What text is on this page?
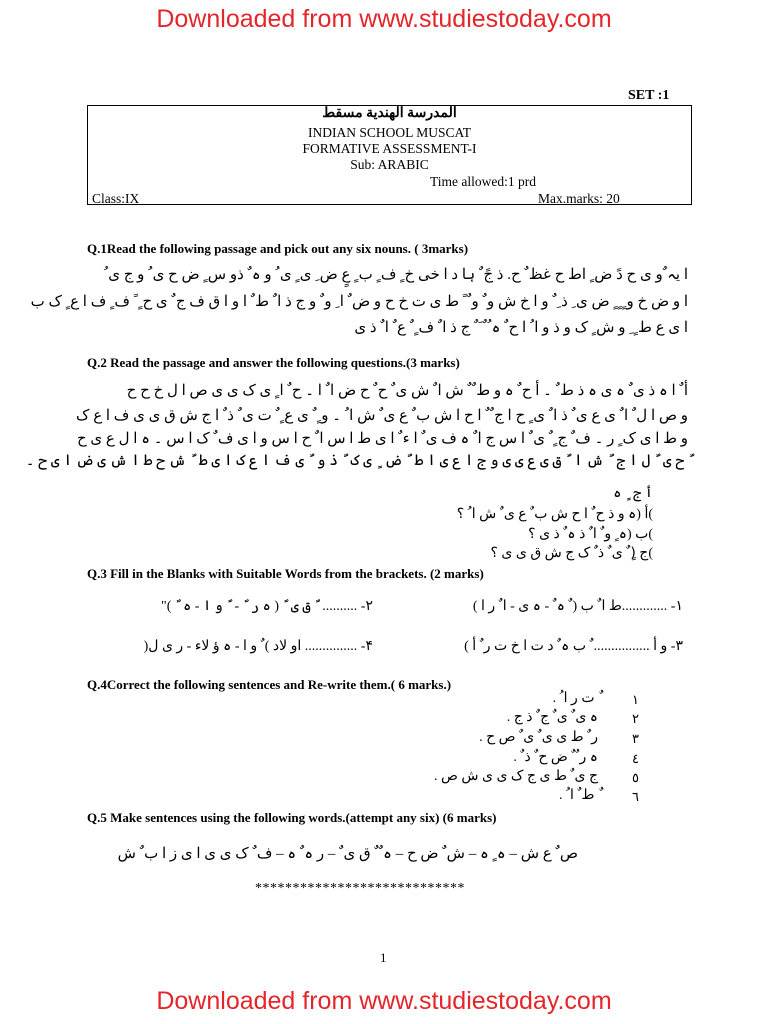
Downloaded from www.studiestoday.com
SET :1
المدرسة الهندية مسقط
INDIAN SCHOOL MUSCAT
FORMATIVE ASSESSMENT-I
Sub: ARABIC
Time allowed:1 prd
Class:IX	Max.marks: 20
Q.1Read the following passage and pick out any six nouns. ( 3marks)
ا یہ ٌو ی ح دً ض ٍ اط ح غظ ٌ ح. ذ جً ٌ ہا د ا خی خ ٍ ف ٍ ب ٍ عٍ ض ِ ی ٍ ی ُ و ہ ٌ ذو س ٍ ض ح ی ُ و ج ی ُ
ا و ض خ و ٍ ٍ ٍ ض ی ِ ذ ِ ٌ و ا خ ش و ٌ و ٌ ً ط ی ت خ ح و ض ٌ ا ِ و ٌ و ج ذ ا ٌ ط ٌ ا و ا ق ف ج ٌ ی ح ٍ ً ف ٍ ف ا ع ٍ ک ب
ا ی ع ط ٍ ِ و ش ٍ ک و ذ و ا ُ ا ح ٌ ہ ُ ٌ َ ٌ ج ذ ا ٌ ف ٍ ٌ ع ٌ ا ٌ ذ ی
Q.2 Read the passage and answer the following questions.(3 marks)
أ ٌ ا ہ ذ ی ٌ ہ ی ہ ذ ط ٌ ۔ أ ح ٌ ہ و ط ٌ ٌ ش ا ٌ ش ی ٌ ح ٌ ح ض ا ٌ ا ۔ ح ٌ ا ٍ ی ک ی ی ص ا ل خ ح ح
و ص ا ل ٌ ا ٌ ی ع ی ٌ ذ ا ٌ ی ٍ ح ا ج ٌ ٌ ا ح ا ش ب ٌ ع ی ٌ ش ا ُ ۔ و ٍ ٌ ی ع ٍ ٌ ت ی ٌ ذ ٌ ا ج ش ق ی ی ف ا ع ک
و ط ا ی ک ٍ ر ۔ ف ٌ ج ٍ ٌ ی ٌ ا س ج ا ٌ ہ ف ی ٌ ا ء ٌ ا ی ط ا س ا ٌ ح ا س و ا ی ف ٌ ک ا س ۔ ہ ا ل ع ی ح
ٌ ح ی ٌ ل ا ج ٌ ش ا ٌ ق ی ع ی ی و ج ا ع ی ا ط ٌ ض ٍ ی ک ٌ ذ و ٌ ی ف ا ع ک ا ی ط ٌ ش ح ط ا ش ی ض ا ی ح ۔
أ ج ٍ ہ
)أ (ہ و ذ ح ٌ ا ح ش ب ٌ ع ی ٌ ش ا ُ ؟
)ب (ہ ٍ و ٌ ا ٌ ذ ہ ٌ ذ ی ؟
)ج (ٍ ٌ ی ٌ ذ ٌ ک ج ش ق ی ی ؟
Q.3 Fill in the Blanks with Suitable Words from the brackets. (2 marks)
۱- .............ط ا ٌ ب ( ٌ ہ ٌ - ہ ی - ا ٌ ر ا )
۲- .......... ٌ ق ی ٌ ( ہ ر ٌ - ٌ و ا - ہ ٌ )"
۳- و أ ................ ٌ ب ہ ٌ د ت ا خ ت ر ٌ أ )
۴- ............... او لاد ) ٌ و ا - ہ ؤ لاء - ر ی ل(
Q.4Correct the following sentences and Re-write them.( 6 marks.)
١
ٌ ت ر ا ُ .
٢
ہ ی ٌ ی ٌ ج ٌ ذ ج .
٣
ر ٌ ط ی ی ٌ ی ٌ ص ح .
٤
ہ ر ٌ ٌ ض ح ٌ ذ ٌ .
٥
ج ی ٌ ط ی ج ک ی ی ش ص .
٦
ٌ ط ٌ ا ُ .
Q.5 Make sentences using the following words.(attempt any six) (6 marks)
ص ٌ ع ش – ہ ٍ ہ – ش ٌ ض ح – ہ ٌ ٌ ق ی ٌ – ر ہ ٌ ہ – ف ٌ ک ی ی ا ی ز ا ب ٌ ش
****************************
1
Downloaded from www.studiestoday.com
